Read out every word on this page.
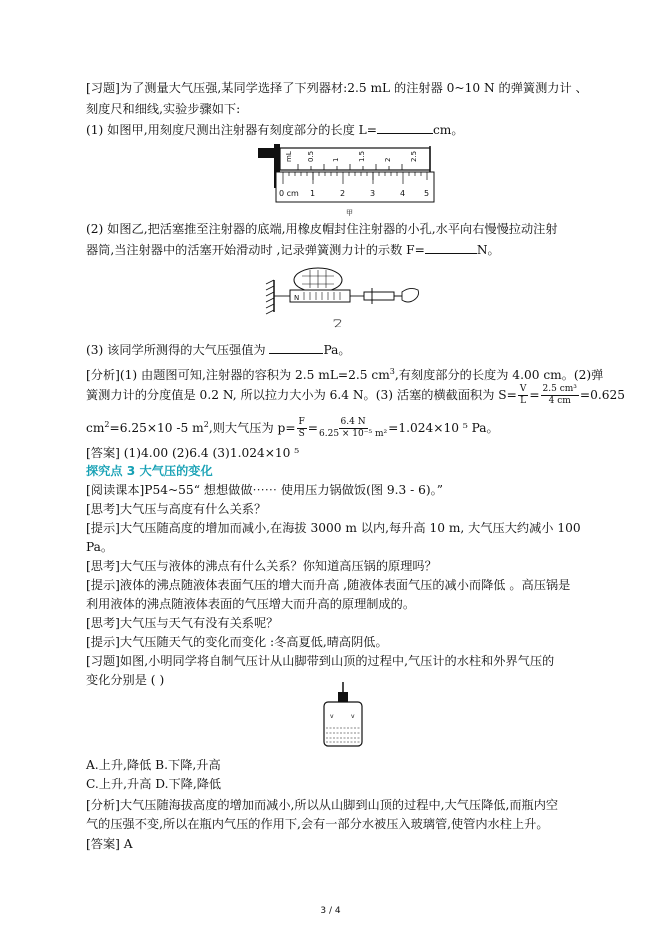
[习题]为了测量大气压强,某同学选择了下列器材:2.5 mL 的注射器 0~10 N 的弹簧测力计 、

刻度尺和细线,实验步骤如下:

(1) 如图甲,用刻度尺测出注射器有刻度部分的长度 L=	cm。

mL 0.5 1	1.5	2	2.5
0 cm 1	2	3	4 5
甲

(2) 如图乙,把活塞推至注射器的底端,用橡皮帽封住注射器的小孔,水平向右慢慢拉动注射

器筒,当注射器中的活塞开始滑动时 ,记录弹簧测力计的示数 F=	N。

N
乙

(3) 该同学所测得的大气压强值为	Pa。

[分析](1) 由题图可知,注射器的容积为 2.5 mL=2.5 $cm^3$,有刻度部分的长度为 4.00 cm。(2)弹

簧测力计的分度值是 0.2 N, 所以拉力大小为 6.4 N。(3) 活塞的横截面积为 $S= \frac{V}{L} = \frac{\text{2.5 cm³}}{4 cm} =0.625$

$cm^2=6.25\times 10$ -5 $m^2$,则大气压为 $p= \frac{F}{S} = \frac{6.4 N}{\text{6.25 × 10⁻⁵ m²}} =1.024\times 10$ ⁵ Pa。

[答案] (1)4.00 (2)6.4 (3)1.024×10 ⁵

探究点 3 大气压的变化

[阅读课本]P54~55“ 想想做做⋯⋯ 使用压力锅做饭(图 9.3 - 6)。”

[思考]大气压与高度有什么关系？

[提示]大气压随高度的增加而减小,在海拔 3000 m 以内,每升高 10 m, 大气压大约减小 100

Pa。

[思考]大气压与液体的沸点有什么关系？你知道高压锅的原理吗？

[提示]液体的沸点随液体表面气压的增大而升高 ,随液体表面气压的减小而降低 。高压锅是

利用液体的沸点随液体表面的气压增大而升高的原理制成的。

[思考]大气压与天气有没有关系呢？

[提示]大气压随天气的变化而变化 :冬高夏低,晴高阴低。

[习题]如图,小明同学将自制气压计从山脚带到山顶的过程中,气压计的水柱和外界气压的

变化分别是 ( )

v	v

A.上升,降低 B.下降,升高

C.上升,升高 D.下降,降低

[分析]大气压随海拔高度的增加而减小,所以从山脚到山顶的过程中,大气压降低,而瓶内空

气的压强不变,所以在瓶内气压的作用下,会有一部分水被压入玻璃管,使管内水柱上升。

[答案] A

3 / 4
